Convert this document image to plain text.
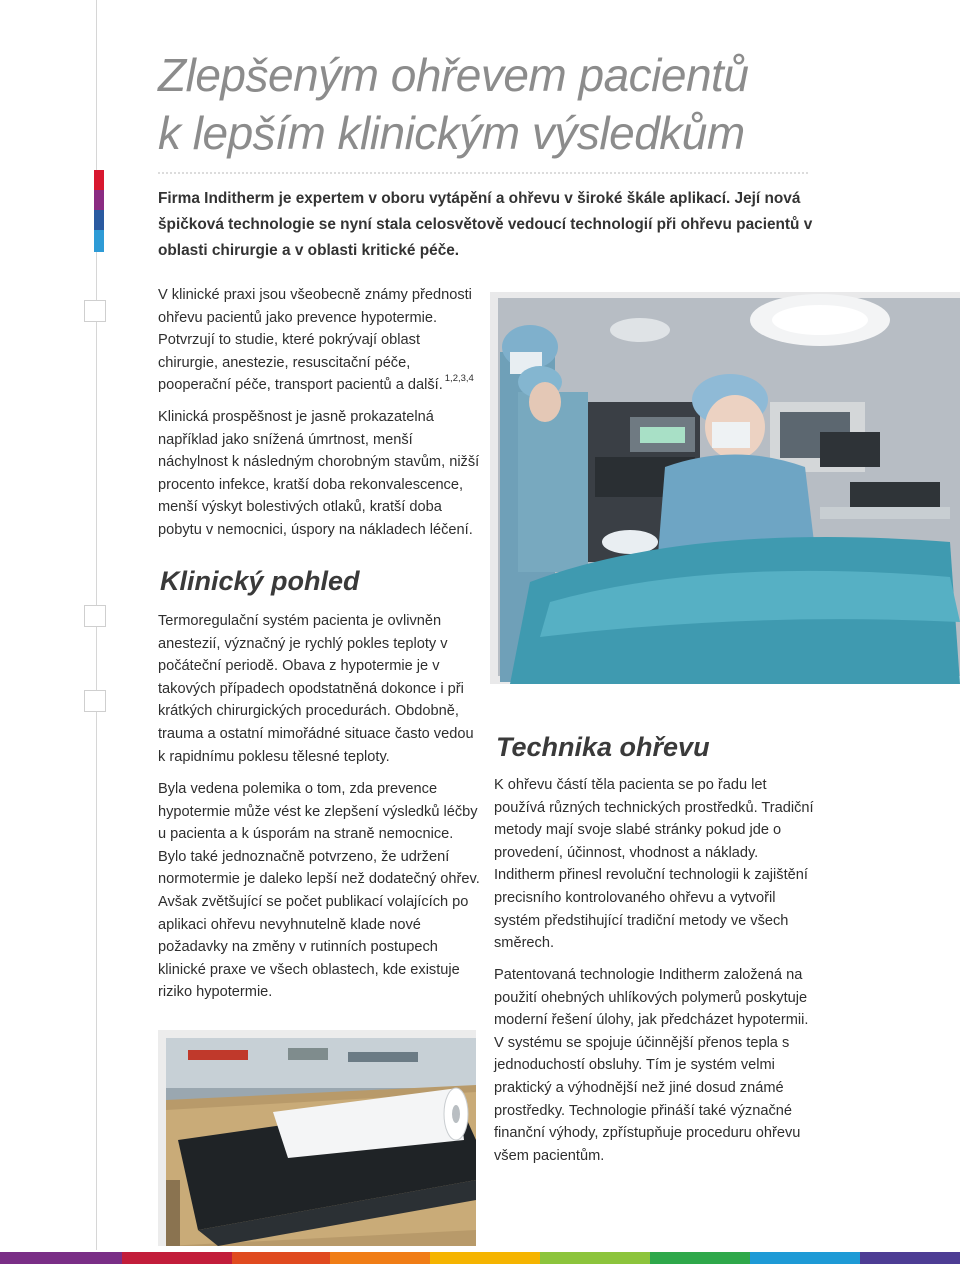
Zlepšeným ohřevem pacientů
k lepším klinickým výsledkům

Firma Inditherm je expertem v oboru vytápění a ohřevu v široké škále aplikací. Její nová špičková technologie se nyní stala celosvětově vedoucí technologií při ohřevu pacientů v oblasti chirurgie a v oblasti kritické péče.

V klinické praxi jsou všeobecně známy přednosti ohřevu pacientů jako prevence hypotermie. Potvrzují to studie, které pokrývají oblast chirurgie, anestezie, resuscitační péče, pooperační péče, transport pacientů a další. $^{1,2,3,4}$

Klinická prospěšnost je jasně prokazatelná například jako snížená úmrtnost, menší náchylnost k následným chorobným stavům, nižší procento infekce, kratší doba rekonvalescence, menší výskyt bolestivých otlaků, kratší doba pobytu v nemocnici, úspory na nákladech léčení.

Klinický pohled

Termoregulační systém pacienta je ovlivněn anestezií, význačný je rychlý pokles teploty v počáteční periodě. Obava z hypotermie je v takových případech opodstatněná dokonce i při krátkých chirurgických procedurách. Obdobně, trauma a ostatní mimořádné situace často vedou k rapidnímu poklesu tělesné teploty.

Byla vedena polemika o tom, zda prevence hypotermie může vést ke zlepšení výsledků léčby u pacienta a k úsporám na straně nemocnice. Bylo také jednoznačně potvrzeno, že udržení normotermie je daleko lepší než dodatečný ohřev. Avšak zvětšující se počet publikací volajících po aplikaci ohřevu nevyhnutelně klade nové požadavky na změny v rutinních postupech klinické praxe ve všech oblastech, kde existuje riziko hypotermie.

Technika ohřevu

K ohřevu částí těla pacienta se po řadu let používá různých technických prostředků. Tradiční metody mají svoje slabé stránky pokud jde o provedení, účinnost, vhodnost a náklady. Inditherm přinesl revoluční technologii k zajištění precisního kontrolovaného ohřevu a vytvořil systém předstihující tradiční metody ve všech směrech.

Patentovaná technologie Inditherm založená na použití ohebných uhlíkových polymerů poskytuje moderní řešení úlohy, jak předcházet hypotermii. V systému se spojuje účinnější přenos tepla s jednoduchostí obsluhy. Tím je systém velmi praktický a výhodnější než jiné dosud známé prostředky. Technologie přináší také význačné finanční výhody, zpřístupňuje proceduru ohřevu všem pacientům.
